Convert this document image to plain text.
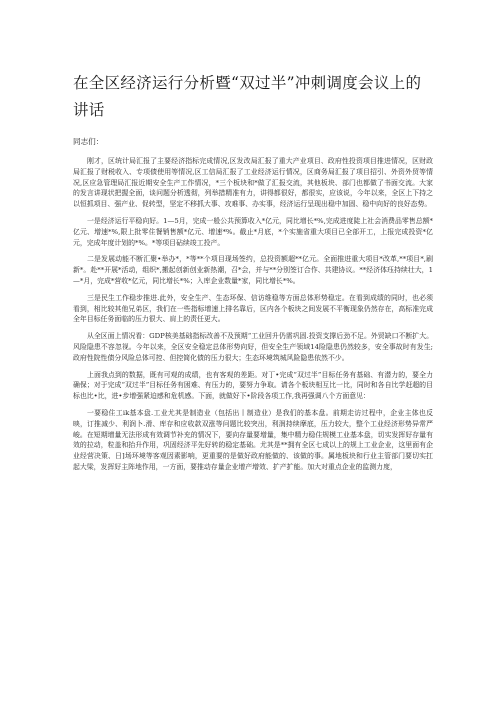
在全区经济运行分析暨“双过半”冲刺调度会议上的讲话

同志们：

刚才，区统计局汇报了主要经济指标完成情况,区发改局汇报了重大产业项目、政府性投资项目推进情况，区财政局汇报了财税收入、专项债使用等情况,区工信局汇报了工业经济运行情况，区商务局汇报了项目招引、外资外贸等情况,区应急管理局汇报近期安全生产工作情况，*三个板块和*做了汇报交流，其他板块、部门也都做了书面交流。大家的发言讲现状把握全面，谈问题分析透彻，列举措精准有力，讲得都很好，都很实，应该说，今年以来，全区上下持之以恒抓项目、强产业、促转型，坚定不移抓大事、攻难事、办实事，经济运行呈现出稳中加固、稳中向好的良好态势。

一是经济运行平稳向好。1—5月，完成一般公共预算收入*亿元，同比增长*%,完成进度陡上社会消费品零售总额*亿元、增速*%,限上批零住餐销售额*亿元、增速*%。截止*月底，*个实施省重大项目已全部开工，上报完成投资*亿元，完成年度计划的*%。*等项目砧续竣工投产。

二是发展动能不断汇聚•举办*，*等**个项目现场签约，总投资额超**亿元。全面推进重大项目*改革,**项目*,刷新*。赴**开展*活动，组织*,搬起创新创业新热潮，召*会，并与**分别签订合作、共建协议。**经济体珏持续壮大，1—*月，完成*营收*亿元，同比增长*%；入库企业数量*家，同比增长*%。

三是民生工作稳步推进.此外，安全生产、生态环保、信访维稳等方面总体形势稳定。在看到成绩的同时，也必须看到，相比较其他兄弟区，我们在一些指标增速上排名靠后，区内各个板块之间发展不平衡现象仍然存在，高标准完成全年目标任务面临的压力很大、肩上的责任更大。

从全区面上情况看：GDP核美基础指标改善不及预期“工业回升仍需巩固.投资支撑后劲不足。外贸缺口不断扩大。风险隐患不容忽视。今年以来，全区安全稳定总体形势向好，但安全生产领域14险隐患仍然较多，安全事故时有发生;政府性院性债分风险总体可控、但控简化债的压力很大；生态环境筑城风险隐患依然不少。

上面我点到的数据，既有可观的成绩，也有客观的差距。对丁•完成“双过半”目标任务有基础、有潜力的，要全力确保；对于完成“双过半”目标任务有困难、有压力的，要努力争取。请各个板块相互比一比，同时和各自比学赶超的目标也比•比，进•步增强紧迫感和危机感。下面，就做好下•阶段各项工作,我再强调八个方面意见：

一要稳住工ik基本盘.工业尤其是制造业（包括出丨制造业）是我们的基本盘。前期走访过程中，企业主体也反映，订推减少、利润卜.滑、库存和应收款双涨等问题比较突出，利润持续摩底，压力较大，整个工业经济形势异常严峻。在短期增量无法形成有效调节补充的情况下，要向存量要增量，集中精力稳住规模工业基本盘，切实发挥好存量有效的拉动，粒盖和抬升作用，巩固经济平先好转的稳定基础。尤其是**拥有全区七成以上的规上工业企业，这里面有企业经营决策、日]场环境等客观因素影响，更重要的是做好政府能做的、该做的事。属地板块和行业主管部门要切实扛起大梁，发挥好主阵地作用，一方面，要推动存量企业增产增效、扩产扩能。加大对重点企业的监测力度，
